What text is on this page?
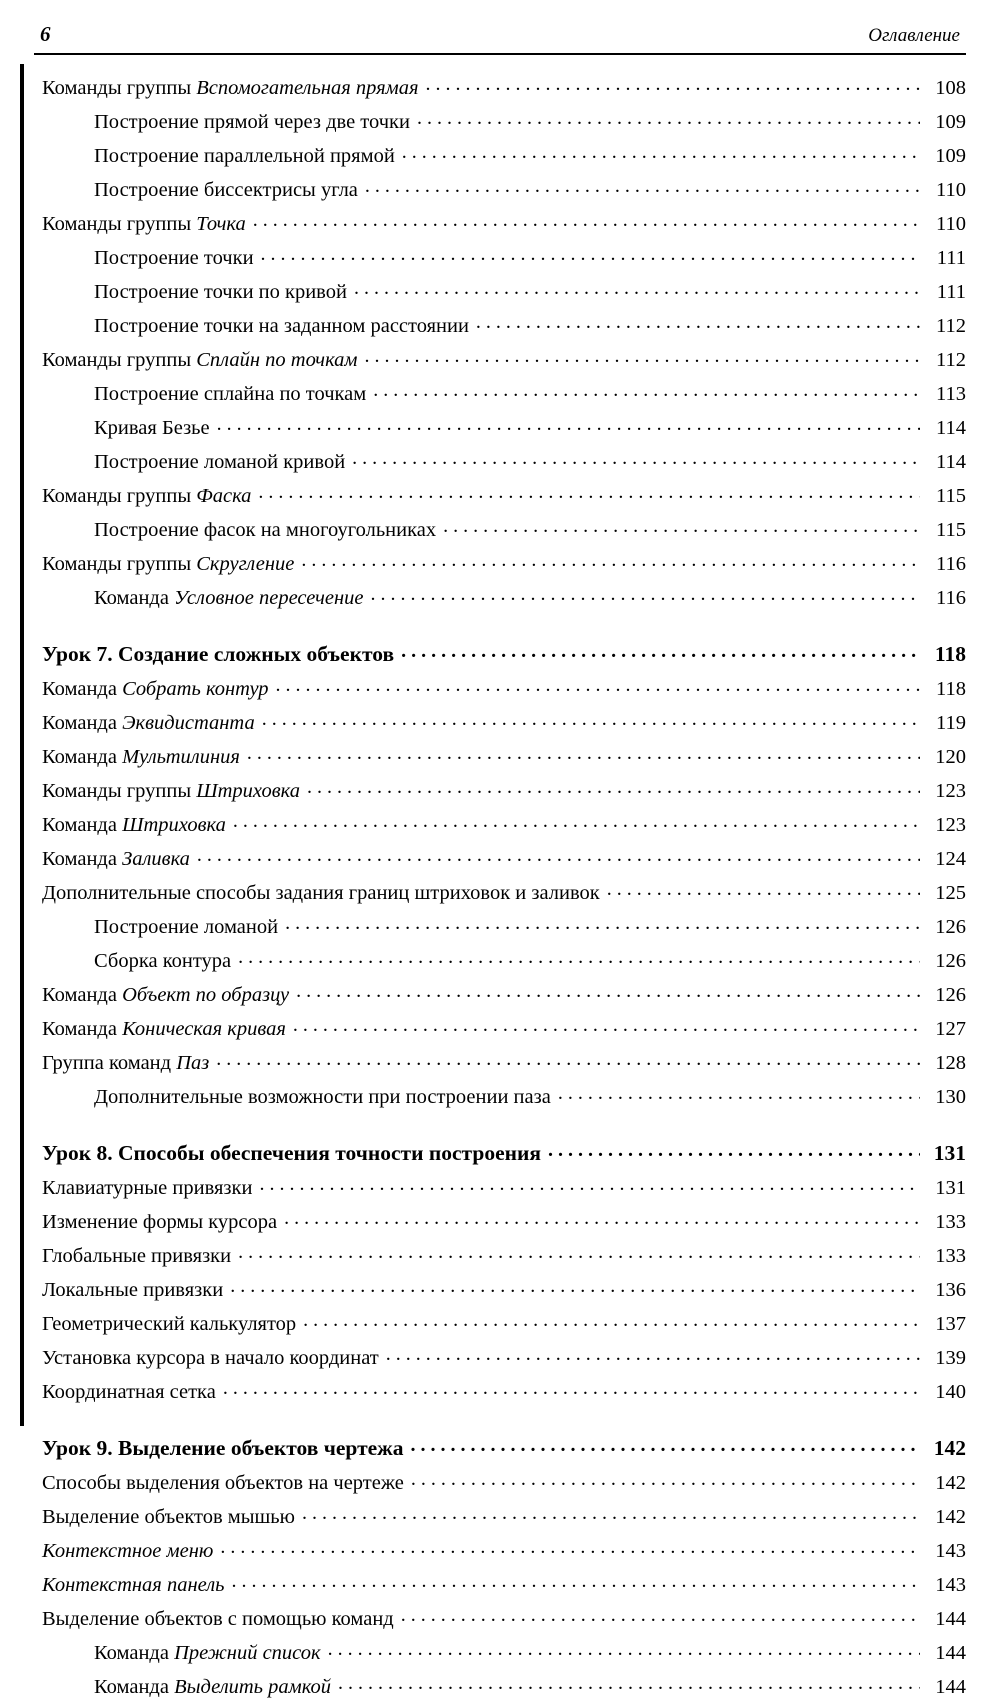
6	Оглавление
Команды группы Вспомогательная прямая . . .	108
Построение прямой через две точки . . .	109
Построение параллельной прямой . . .	109
Построение биссектрисы угла . . .	110
Команды группы Точка . . .	110
Построение точки . . .	111
Построение точки по кривой . . .	111
Построение точки на заданном расстоянии . . .	112
Команды группы Сплайн по точкам . . .	112
Построение сплайна по точкам . . .	113
Кривая Безье . . .	114
Построение ломаной кривой . . .	114
Команды группы Фаска . . .	115
Построение фасок на многоугольниках . . .	115
Команды группы Скругление . . .	116
Команда Условное пересечение . . .	116
Урок 7. Создание сложных объектов . . .	118
Команда Собрать контур . . .	118
Команда Эквидистанта . . .	119
Команда Мультилиния . . .	120
Команды группы Штриховка . . .	123
Команда Штриховка . . .	123
Команда Заливка . . .	124
Дополнительные способы задания границ штриховок и заливок . . .	125
Построение ломаной . . .	126
Сборка контура . . .	126
Команда Объект по образцу . . .	126
Команда Коническая кривая . . .	127
Группа команд Паз . . .	128
Дополнительные возможности при построении паза . . .	130
Урок 8. Способы обеспечения точности построения . . .	131
Клавиатурные привязки . . .	131
Изменение формы курсора . . .	133
Глобальные привязки . . .	133
Локальные привязки . . .	136
Геометрический калькулятор . . .	137
Установка курсора в начало координат . . .	139
Координатная сетка . . .	140
Урок 9. Выделение объектов чертежа . . .	142
Способы выделения объектов на чертеже . . .	142
Выделение объектов мышью . . .	142
Контекстное меню . . .	143
Контекстная панель . . .	143
Выделение объектов с помощью команд . . .	144
Команда Прежний список . . .	144
Команда Выделить рамкой . . .	144
